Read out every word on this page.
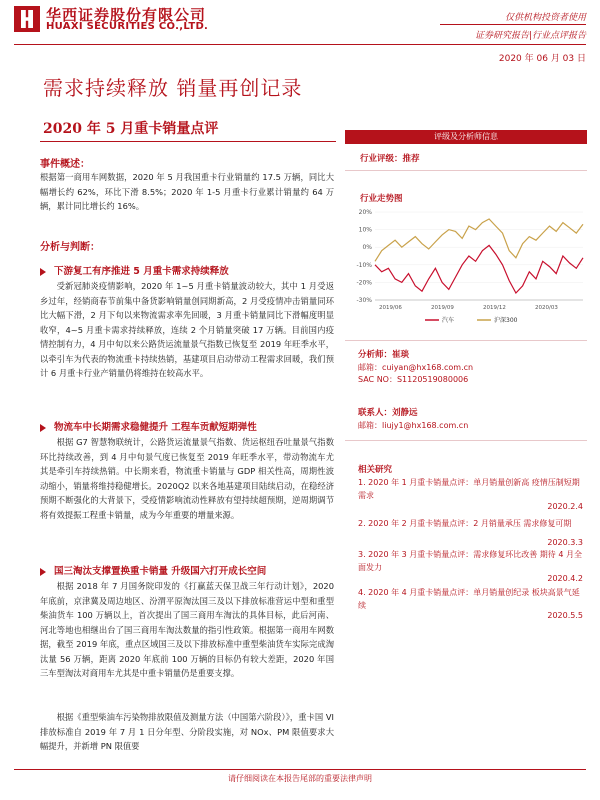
华西证券股份有限公司
HUAXI SECURITIES CO.,LTD.
仅供机构投资者使用
证券研究报告|行业点评报告
2020 年 06 月 03 日
需求持续释放 销量再创记录
2020 年 5 月重卡销量点评
事件概述：
根据第一商用车网数据，2020 年 5 月我国重卡行业销量约 17.5 万辆，同比大幅增长约 62%，环比下滑 8.5%；2020 年 1-5 月重卡行业累计销量约 64 万辆，累计同比增长约 16%。
分析与判断：
下游复工有序推进 5 月重卡需求持续释放
受新冠肺炎疫情影响，2020 年 1~5 月重卡销量波动较大，其中 1 月受返乡过年，经销商春节前集中备货影响销量创同期新高，2 月受疫情冲击销量同环比大幅下滑，2 月下旬以来物流需求率先回暖，3 月重卡销量同比下滑幅度明显收窄，4~5 月重卡需求持续释放，连续 2 个月销量突破 17 万辆。目前国内疫情控制有力，4 月中旬以来公路货运流量景气指数已恢复至 2019 年旺季水平，以牵引车为代表的物流重卡持续热销，基建项目启动带动工程需求回暖，我们预计 6 月重卡行业产销量仍将维持在较高水平。
物流车中长期需求稳健提升 工程车贡献短期弹性
根据 G7 智慧物联统计，公路货运流量景气指数、货运枢纽吞吐量景气指数环比持续改善，到 4 月中旬景气度已恢复至 2019 年旺季水平，带动物流车尤其是牵引车持续热销。中长期来看，物流重卡销量与 GDP 相关性高，周期性波动缩小，销量将维持稳健增长。2020Q2 以来各地基建项目陆续启动，在稳经济预期不断强化的大背景下，受疫情影响流动性释放有望持续超预期，逆周期调节将有效提振工程重卡销量，成为今年重要的增量来源。
国三淘汰支撑置换重卡销量 升级国六打开成长空间
根据 2018 年 7 月国务院印发的《打赢蓝天保卫战三年行动计划》，2020 年底前，京津冀及周边地区、汾渭平原淘汰国三及以下排放标准营运中型和重型柴油货车 100 万辆以上，首次提出了国三商用车淘汰的具体目标，此后河南、河北等地也相继出台了国三商用车淘汰数量的指引性政策。根据第一商用车网数据，截至 2019 年底，重点区域国三及以下排放标准中重型柴油货车实际完成淘汰量 56 万辆，距离 2020 年底前 100 万辆的目标仍有较大差距，2020 年国三车型淘汰对商用车尤其是中重卡销量仍是重要支撑。
根据《重型柴油车污染物排放限值及测量方法（中国第六阶段）》，重卡国 VI 排放标准自 2019 年 7 月 1 日分年型、分阶段实施，对 NOx、PM 限值要求大幅提升，并新增 PN 限值要
评级及分析师信息
行业评级：推荐
行业走势图
20%
10%
0%
-10%
-20%
-30%
2019/06	2019/09	2019/12	2020/03
汽车	沪深300
分析师：崔琰
邮箱：cuiyan@hx168.com.cn
SAC NO：S1120519080006
联系人：刘静远
邮箱：liujy1@hx168.com.cn
相关研究
1. 2020 年 1 月重卡销量点评：单月销量创新高 疫情压制短期需求
2020.2.4
2. 2020 年 2 月重卡销量点评：2 月销量承压 需求修复可期
2020.3.3
3. 2020 年 3 月重卡销量点评：需求修复环比改善 期待 4 月全面发力
2020.4.2
4. 2020 年 4 月重卡销量点评：单月销量创纪录 板块高景气延续
2020.5.5
请仔细阅读在本报告尾部的重要法律声明
